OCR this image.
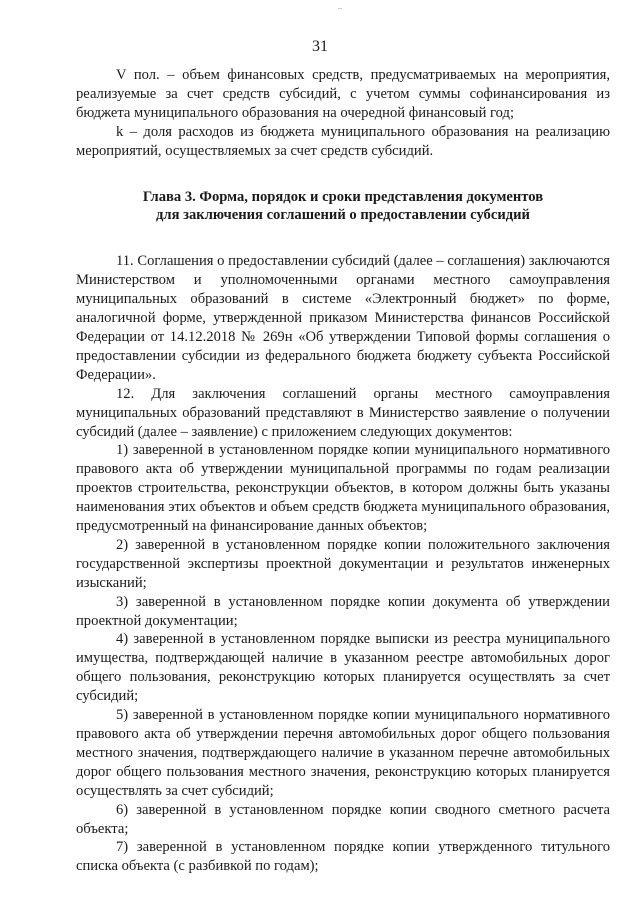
..
31

V пол. – объем финансовых средств, предусматриваемых на мероприятия, реализуемые за счет средств субсидий, с учетом суммы софинансирования из бюджета муниципального образования на очередной финансовый год;

k – доля расходов из бюджета муниципального образования на реализацию мероприятий, осуществляемых за счет средств субсидий.

Глава 3. Форма, порядок и сроки представления документов
для заключения соглашений о предоставлении субсидий

11. Соглашения о предоставлении субсидий (далее – соглашения) заключаются Министерством и уполномоченными органами местного самоуправления муниципальных образований в системе «Электронный бюджет» по форме, аналогичной форме, утвержденной приказом Министерства финансов Российской Федерации от 14.12.2018 № 269н «Об утверждении Типовой формы соглашения о предоставлении субсидии из федерального бюджета бюджету субъекта Российской Федерации».

12. Для заключения соглашений органы местного самоуправления муниципальных образований представляют в Министерство заявление о получении субсидий (далее – заявление) с приложением следующих документов:

1) заверенной в установленном порядке копии муниципального нормативного правового акта об утверждении муниципальной программы по годам реализации проектов строительства, реконструкции объектов, в котором должны быть указаны наименования этих объектов и объем средств бюджета муниципального образования, предусмотренный на финансирование данных объектов;

2) заверенной в установленном порядке копии положительного заключения государственной экспертизы проектной документации и результатов инженерных изысканий;

3) заверенной в установленном порядке копии документа об утверждении проектной документации;

4) заверенной в установленном порядке выписки из реестра муниципального имущества, подтверждающей наличие в указанном реестре автомобильных дорог общего пользования, реконструкцию которых планируется осуществлять за счет субсидий;

5) заверенной в установленном порядке копии муниципального нормативного правового акта об утверждении перечня автомобильных дорог общего пользования местного значения, подтверждающего наличие в указанном перечне автомобильных дорог общего пользования местного значения, реконструкцию которых планируется осуществлять за счет субсидий;

6) заверенной в установленном порядке копии сводного сметного расчета объекта;

7) заверенной в установленном порядке копии утвержденного титульного списка объекта (с разбивкой по годам);
